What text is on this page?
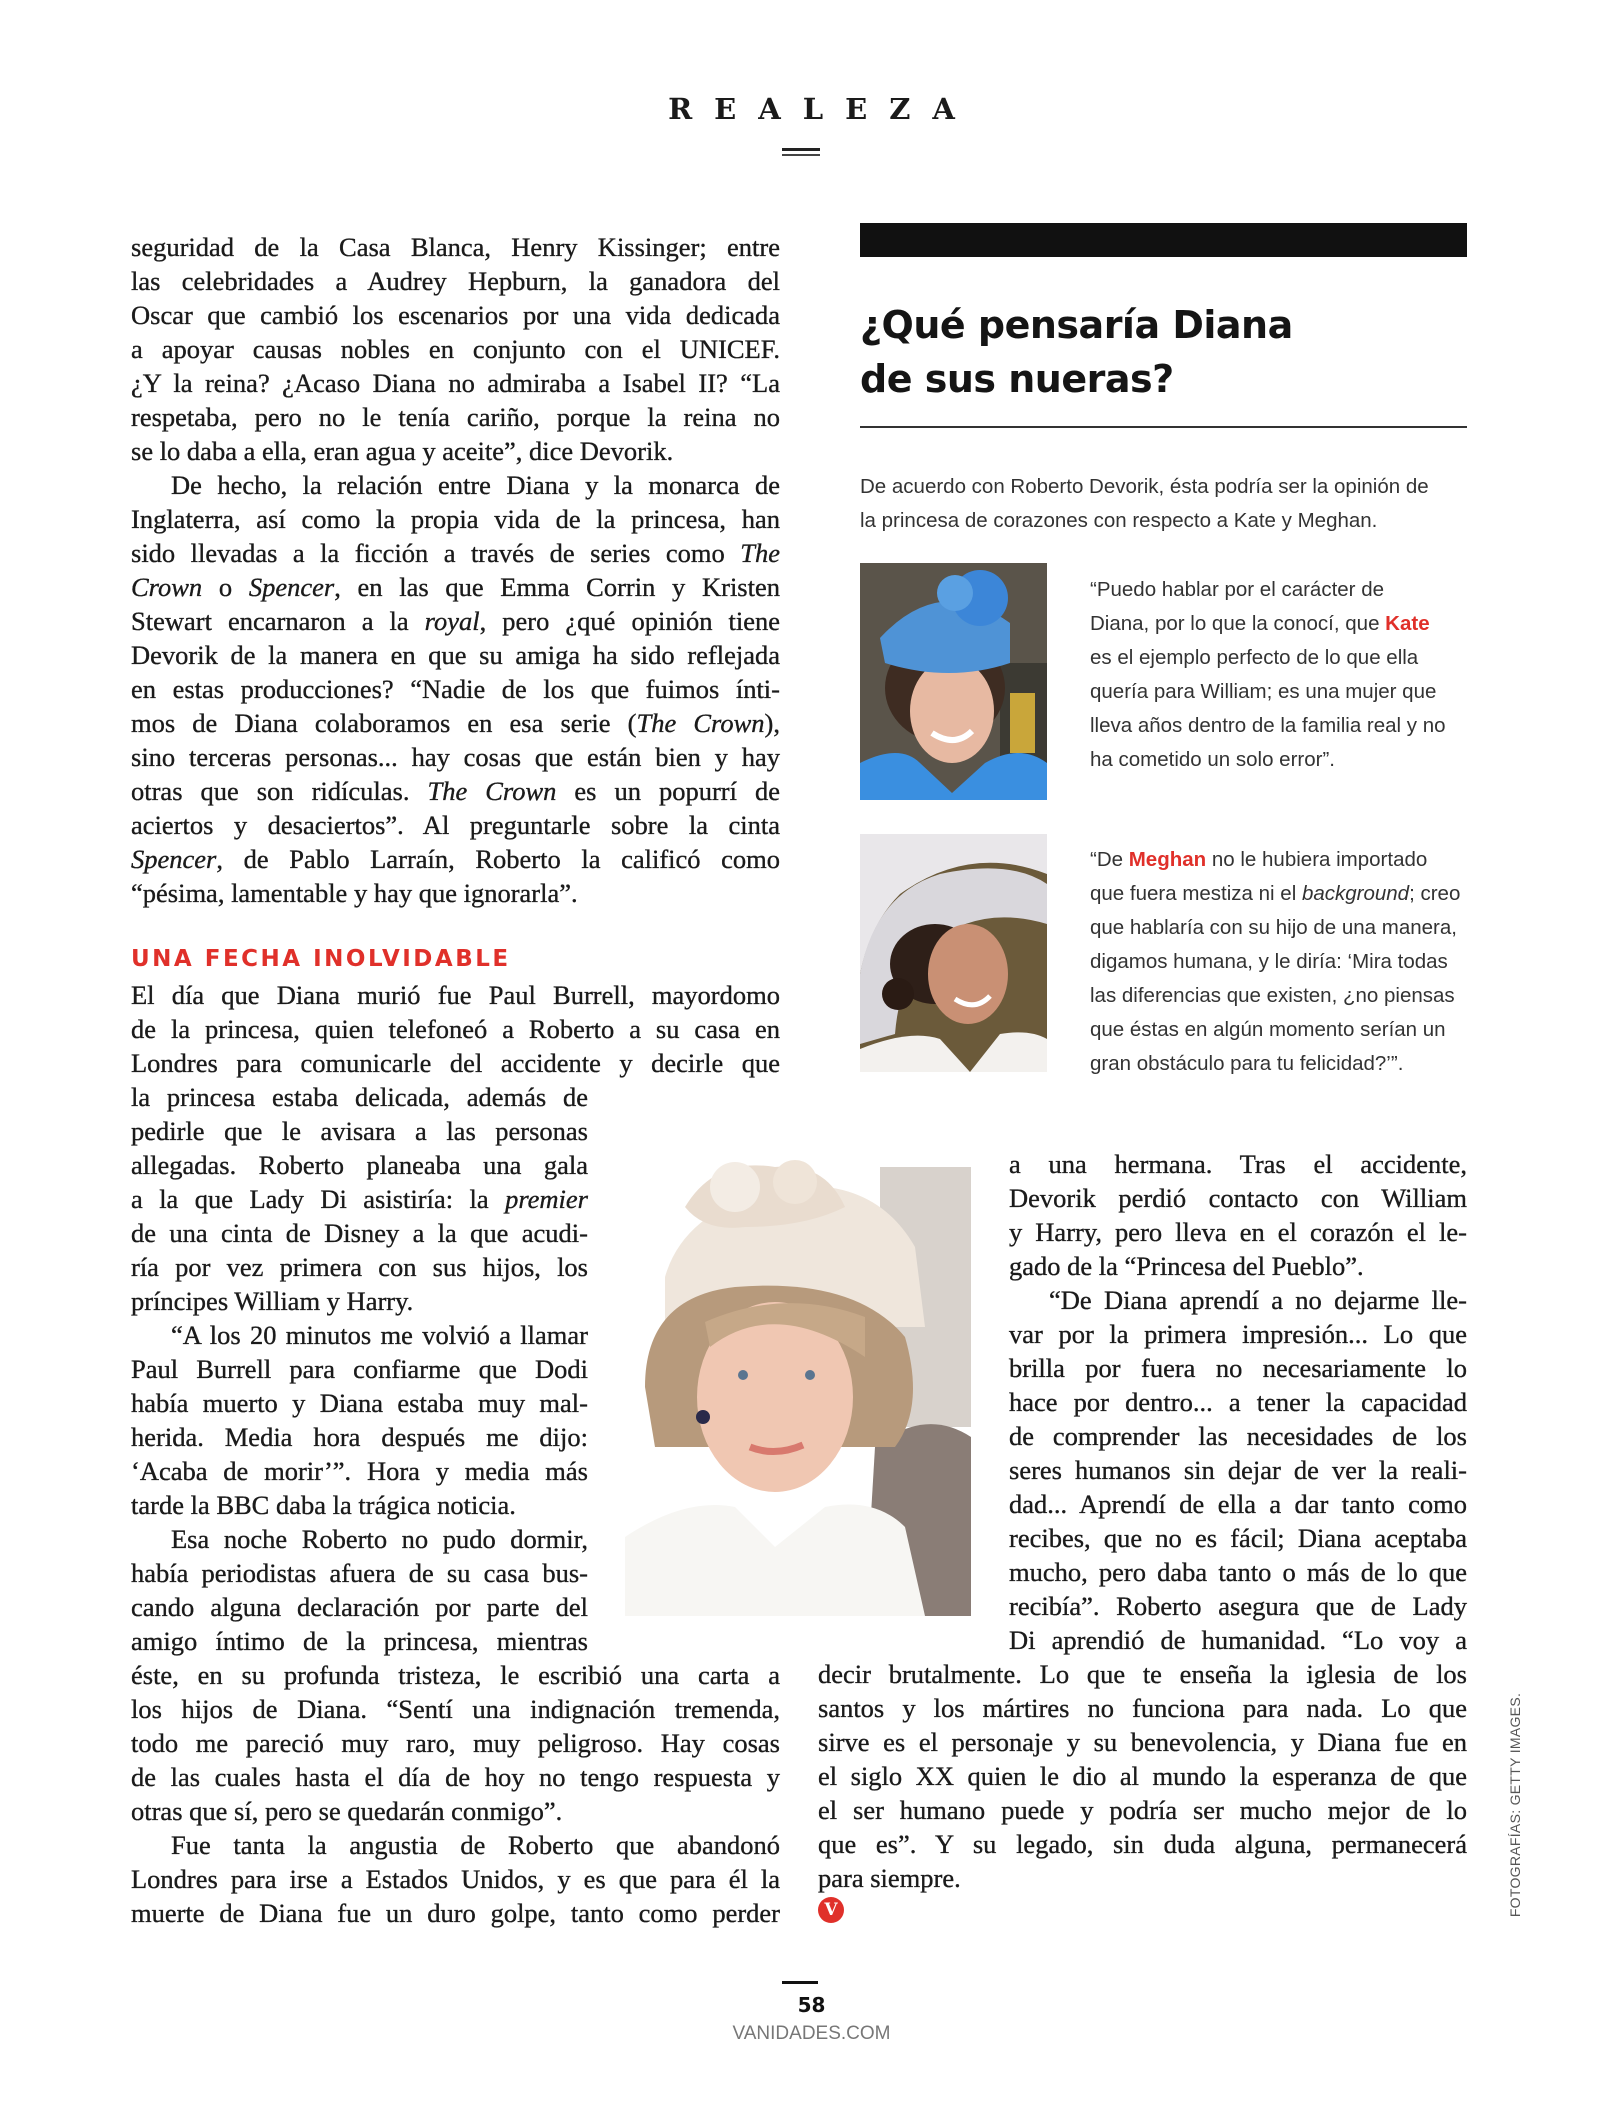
REALEZA
seguridad de la Casa Blanca, Henry Kissinger; entre
las celebridades a Audrey Hepburn, la ganadora del
Oscar que cambió los escenarios por una vida dedicada
a apoyar causas nobles en conjunto con el UNICEF.
¿Y la reina? ¿Acaso Diana no admiraba a Isabel II? “La
respetaba, pero no le tenía cariño, porque la reina no
se lo daba a ella, eran agua y aceite”, dice Devorik.
De hecho, la relación entre Diana y la monarca de
Inglaterra, así como la propia vida de la princesa, han
sido llevadas a la ficción a través de series como The
Crown o Spencer, en las que Emma Corrin y Kristen
Stewart encarnaron a la royal, pero ¿qué opinión tiene
Devorik de la manera en que su amiga ha sido reflejada
en estas producciones? “Nadie de los que fuimos ínti-
mos de Diana colaboramos en esa serie (The Crown),
sino terceras personas... hay cosas que están bien y hay
otras que son ridículas. The Crown es un popurrí de
aciertos y desaciertos”. Al preguntarle sobre la cinta
Spencer, de Pablo Larraín, Roberto la calificó como
“pésima, lamentable y hay que ignorarla”.
UNA FECHA INOLVIDABLE
El día que Diana murió fue Paul Burrell, mayordomo
de la princesa, quien telefoneó a Roberto a su casa en
Londres para comunicarle del accidente y decirle que
la princesa estaba delicada, además de
pedirle que le avisara a las personas
allegadas. Roberto planeaba una gala
a la que Lady Di asistiría: la premier
de una cinta de Disney a la que acudi-
ría por vez primera con sus hijos, los
príncipes William y Harry.
“A los 20 minutos me volvió a llamar
Paul Burrell para confiarme que Dodi
había muerto y Diana estaba muy mal-
herida. Media hora después me dijo:
‘Acaba de morir’”. Hora y media más
tarde la BBC daba la trágica noticia.
Esa noche Roberto no pudo dormir,
había periodistas afuera de su casa bus-
cando alguna declaración por parte del
amigo íntimo de la princesa, mientras
éste, en su profunda tristeza, le escribió una carta a
los hijos de Diana. “Sentí una indignación tremenda,
todo me pareció muy raro, muy peligroso. Hay cosas
de las cuales hasta el día de hoy no tengo respuesta y
otras que sí, pero se quedarán conmigo”.
Fue tanta la angustia de Roberto que abandonó
Londres para irse a Estados Unidos, y es que para él la
muerte de Diana fue un duro golpe, tanto como perder
a una hermana. Tras el accidente,
Devorik perdió contacto con William
y Harry, pero lleva en el corazón el le-
gado de la “Princesa del Pueblo”.
“De Diana aprendí a no dejarme lle-
var por la primera impresión... Lo que
brilla por fuera no necesariamente lo
hace por dentro... a tener la capacidad
de comprender las necesidades de los
seres humanos sin dejar de ver la reali-
dad... Aprendí de ella a dar tanto como
recibes, que no es fácil; Diana aceptaba
mucho, pero daba tanto o más de lo que
recibía”. Roberto asegura que de Lady
Di aprendió de humanidad. “Lo voy a
decir brutalmente. Lo que te enseña la iglesia de los
santos y los mártires no funciona para nada. Lo que
sirve es el personaje y su benevolencia, y Diana fue en
el siglo XX quien le dio al mundo la esperanza de que
el ser humano puede y podría ser mucho mejor de lo
que es”. Y su legado, sin duda alguna, permanecerá
para siempre.
V
¿Qué pensaría Diana
de sus nueras?
De acuerdo con Roberto Devorik, ésta podría ser la opinión de
la princesa de corazones con respecto a Kate y Meghan.
“Puedo hablar por el carácter de
Diana, por lo que la conocí, que Kate
es el ejemplo perfecto de lo que ella
quería para William; es una mujer que
lleva años dentro de la familia real y no
ha cometido un solo error”.
“De Meghan no le hubiera importado
que fuera mestiza ni el background; creo
que hablaría con su hijo de una manera,
digamos humana, y le diría: ‘Mira todas
las diferencias que existen, ¿no piensas
que éstas en algún momento serían un
gran obstáculo para tu felicidad?’”.
FOTOGRAFÍAS: GETTY IMAGES.
58
VANIDADES.COM
